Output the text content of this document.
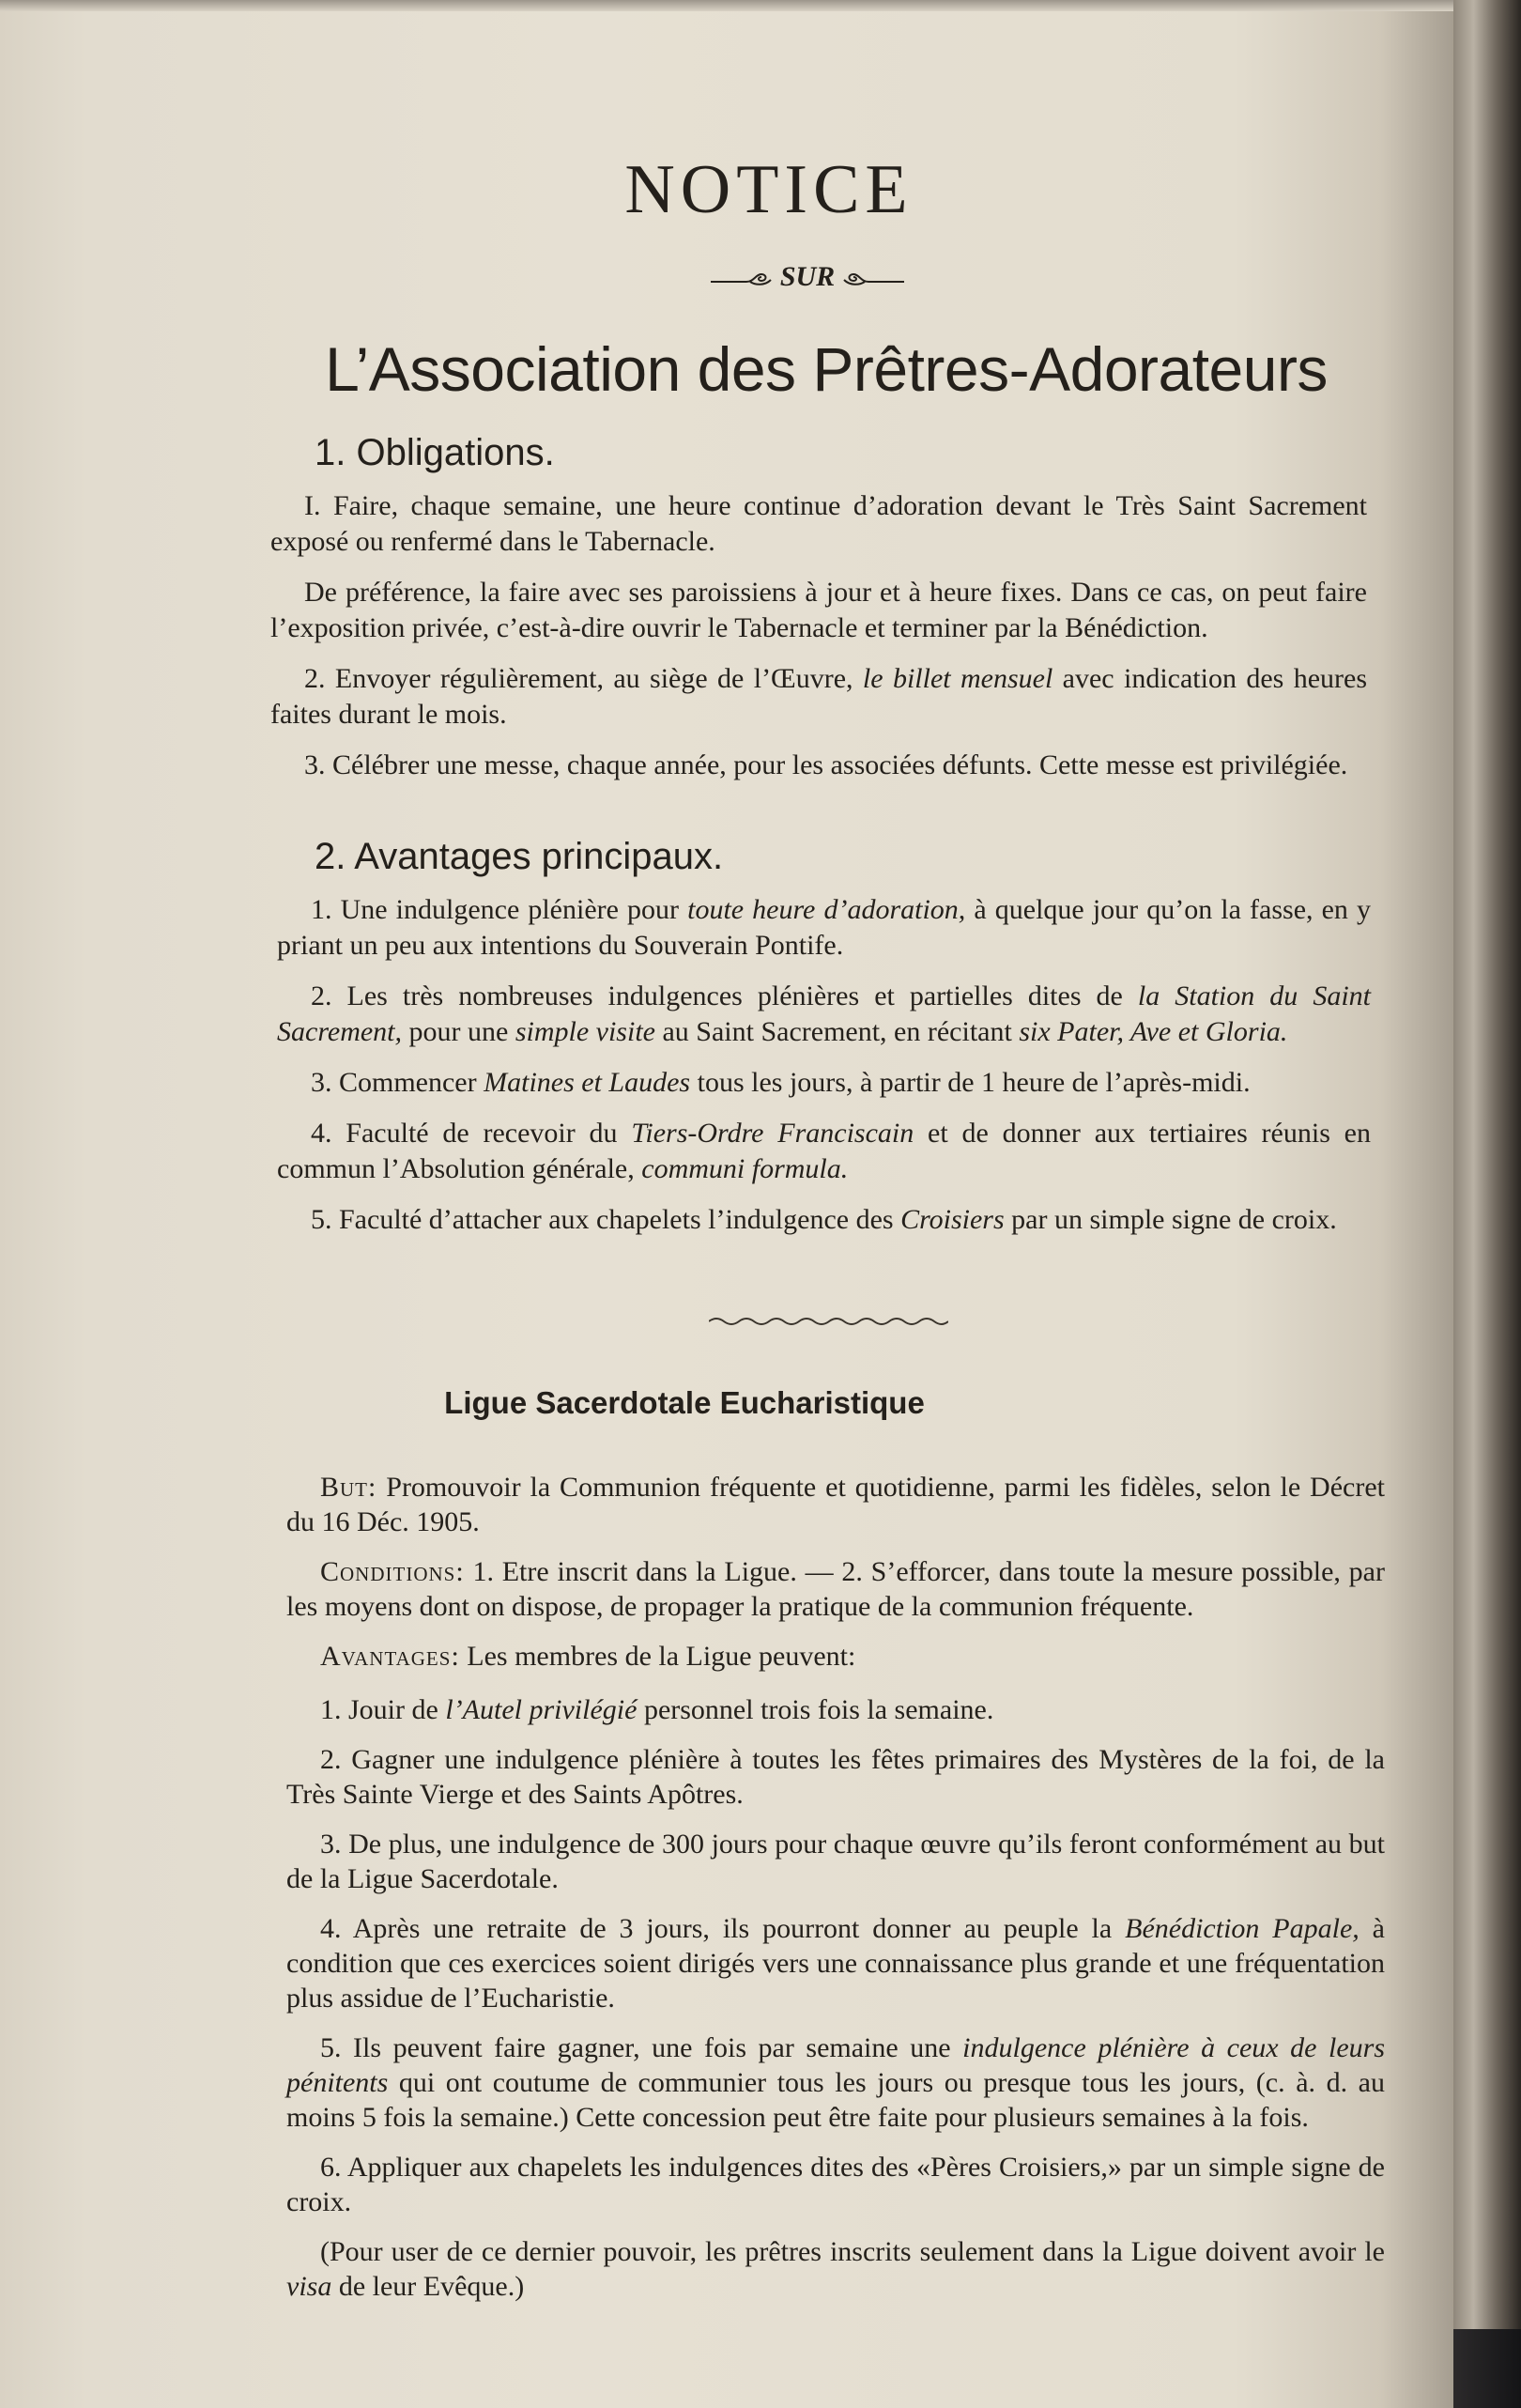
NOTICE
SUR
L’Association des Prêtres-Adorateurs
1. Obligations.

I. Faire, chaque semaine, une heure continue d’adoration devant le Très Saint Sacrement exposé ou renfermé dans le Tabernacle.

De préférence, la faire avec ses paroissiens à jour et à heure fixes. Dans ce cas, on peut faire l’exposition privée, c’est-à-dire ouvrir le Tabernacle et terminer par la Bénédiction.

2. Envoyer régulièrement, au siège de l’Œuvre, le billet mensuel avec indication des heures faites durant le mois.

3. Célébrer une messe, chaque année, pour les associées défunts. Cette messe est privilégiée.

2. Avantages principaux.

1. Une indulgence plénière pour toute heure d’adoration, à quelque jour qu’on la fasse, en y priant un peu aux intentions du Souverain Pontife.

2. Les très nombreuses indulgences plénières et partielles dites de la Station du Saint Sacrement, pour une simple visite au Saint Sacrement, en récitant six Pater, Ave et Gloria.

3. Commencer Matines et Laudes tous les jours, à partir de 1 heure de l’après-midi.

4. Faculté de recevoir du Tiers-Ordre Franciscain et de donner aux tertiaires réunis en commun l’Absolution générale, communi formula.

5. Faculté d’attacher aux chapelets l’indulgence des Croisiers par un simple signe de croix.

Ligue Sacerdotale Eucharistique

But: Promouvoir la Communion fréquente et quotidienne, parmi les fidèles, selon le Décret du 16 Déc. 1905.

Conditions: 1. Etre inscrit dans la Ligue. — 2. S’efforcer, dans toute la mesure possible, par les moyens dont on dispose, de propager la pratique de la communion fréquente.

Avantages: Les membres de la Ligue peuvent:

1. Jouir de l’Autel privilégié personnel trois fois la semaine.

2. Gagner une indulgence plénière à toutes les fêtes primaires des Mystères de la foi, de la Très Sainte Vierge et des Saints Apôtres.

3. De plus, une indulgence de 300 jours pour chaque œuvre qu’ils feront conformément au but de la Ligue Sacerdotale.

4. Après une retraite de 3 jours, ils pourront donner au peuple la Bénédiction Papale, à condition que ces exercices soient dirigés vers une connaissance plus grande et une fréquentation plus assidue de l’Eucharistie.

5. Ils peuvent faire gagner, une fois par semaine une indulgence plénière à ceux de leurs pénitents qui ont coutume de communier tous les jours ou presque tous les jours, (c. à. d. au moins 5 fois la semaine.) Cette concession peut être faite pour plusieurs semaines à la fois.

6. Appliquer aux chapelets les indulgences dites des «Pères Croisiers,» par un simple signe de croix.

(Pour user de ce dernier pouvoir, les prêtres inscrits seulement dans la Ligue doivent avoir le visa de leur Evêque.)
